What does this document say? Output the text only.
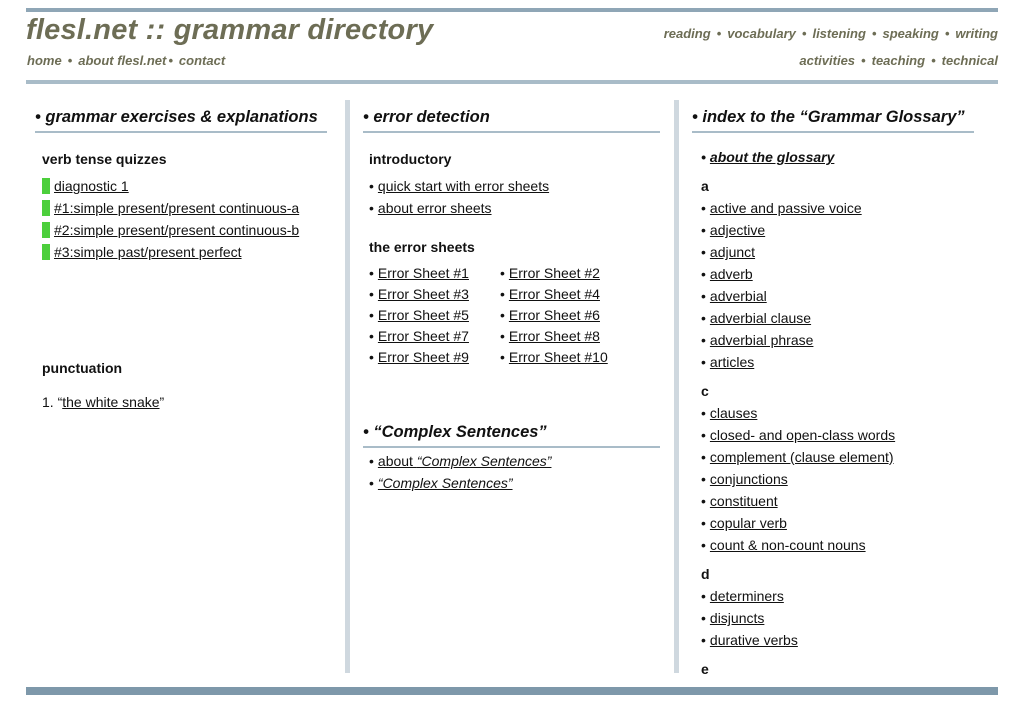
flesl.net :: grammar directory
home • about flesl.net • contact
reading • vocabulary • listening • speaking • writing
activities • teaching • technical
• grammar exercises & explanations
verb tense quizzes
diagnostic 1
#1:simple present/present continuous-a
#2:simple present/present continuous-b
#3:simple past/present perfect
punctuation
1. “the white snake”
• error detection
introductory
• quick start with error sheets
• about error sheets
the error sheets
• Error Sheet #1
• Error Sheet #3
• Error Sheet #5
• Error Sheet #7
• Error Sheet #9
• Error Sheet #2
• Error Sheet #4
• Error Sheet #6
• Error Sheet #8
• Error Sheet #10
• “Complex Sentences”
• about “Complex Sentences”
• “Complex Sentences”
• index to the “Grammar Glossary”
• about the glossary
a
• active and passive voice
• adjective
• adjunct
• adverb
• adverbial
• adverbial clause
• adverbial phrase
• articles
c
• clauses
• closed- and open-class words
• complement (clause element)
• conjunctions
• constituent
• copular verb
• count & non-count nouns
d
• determiners
• disjuncts
• durative verbs
e
